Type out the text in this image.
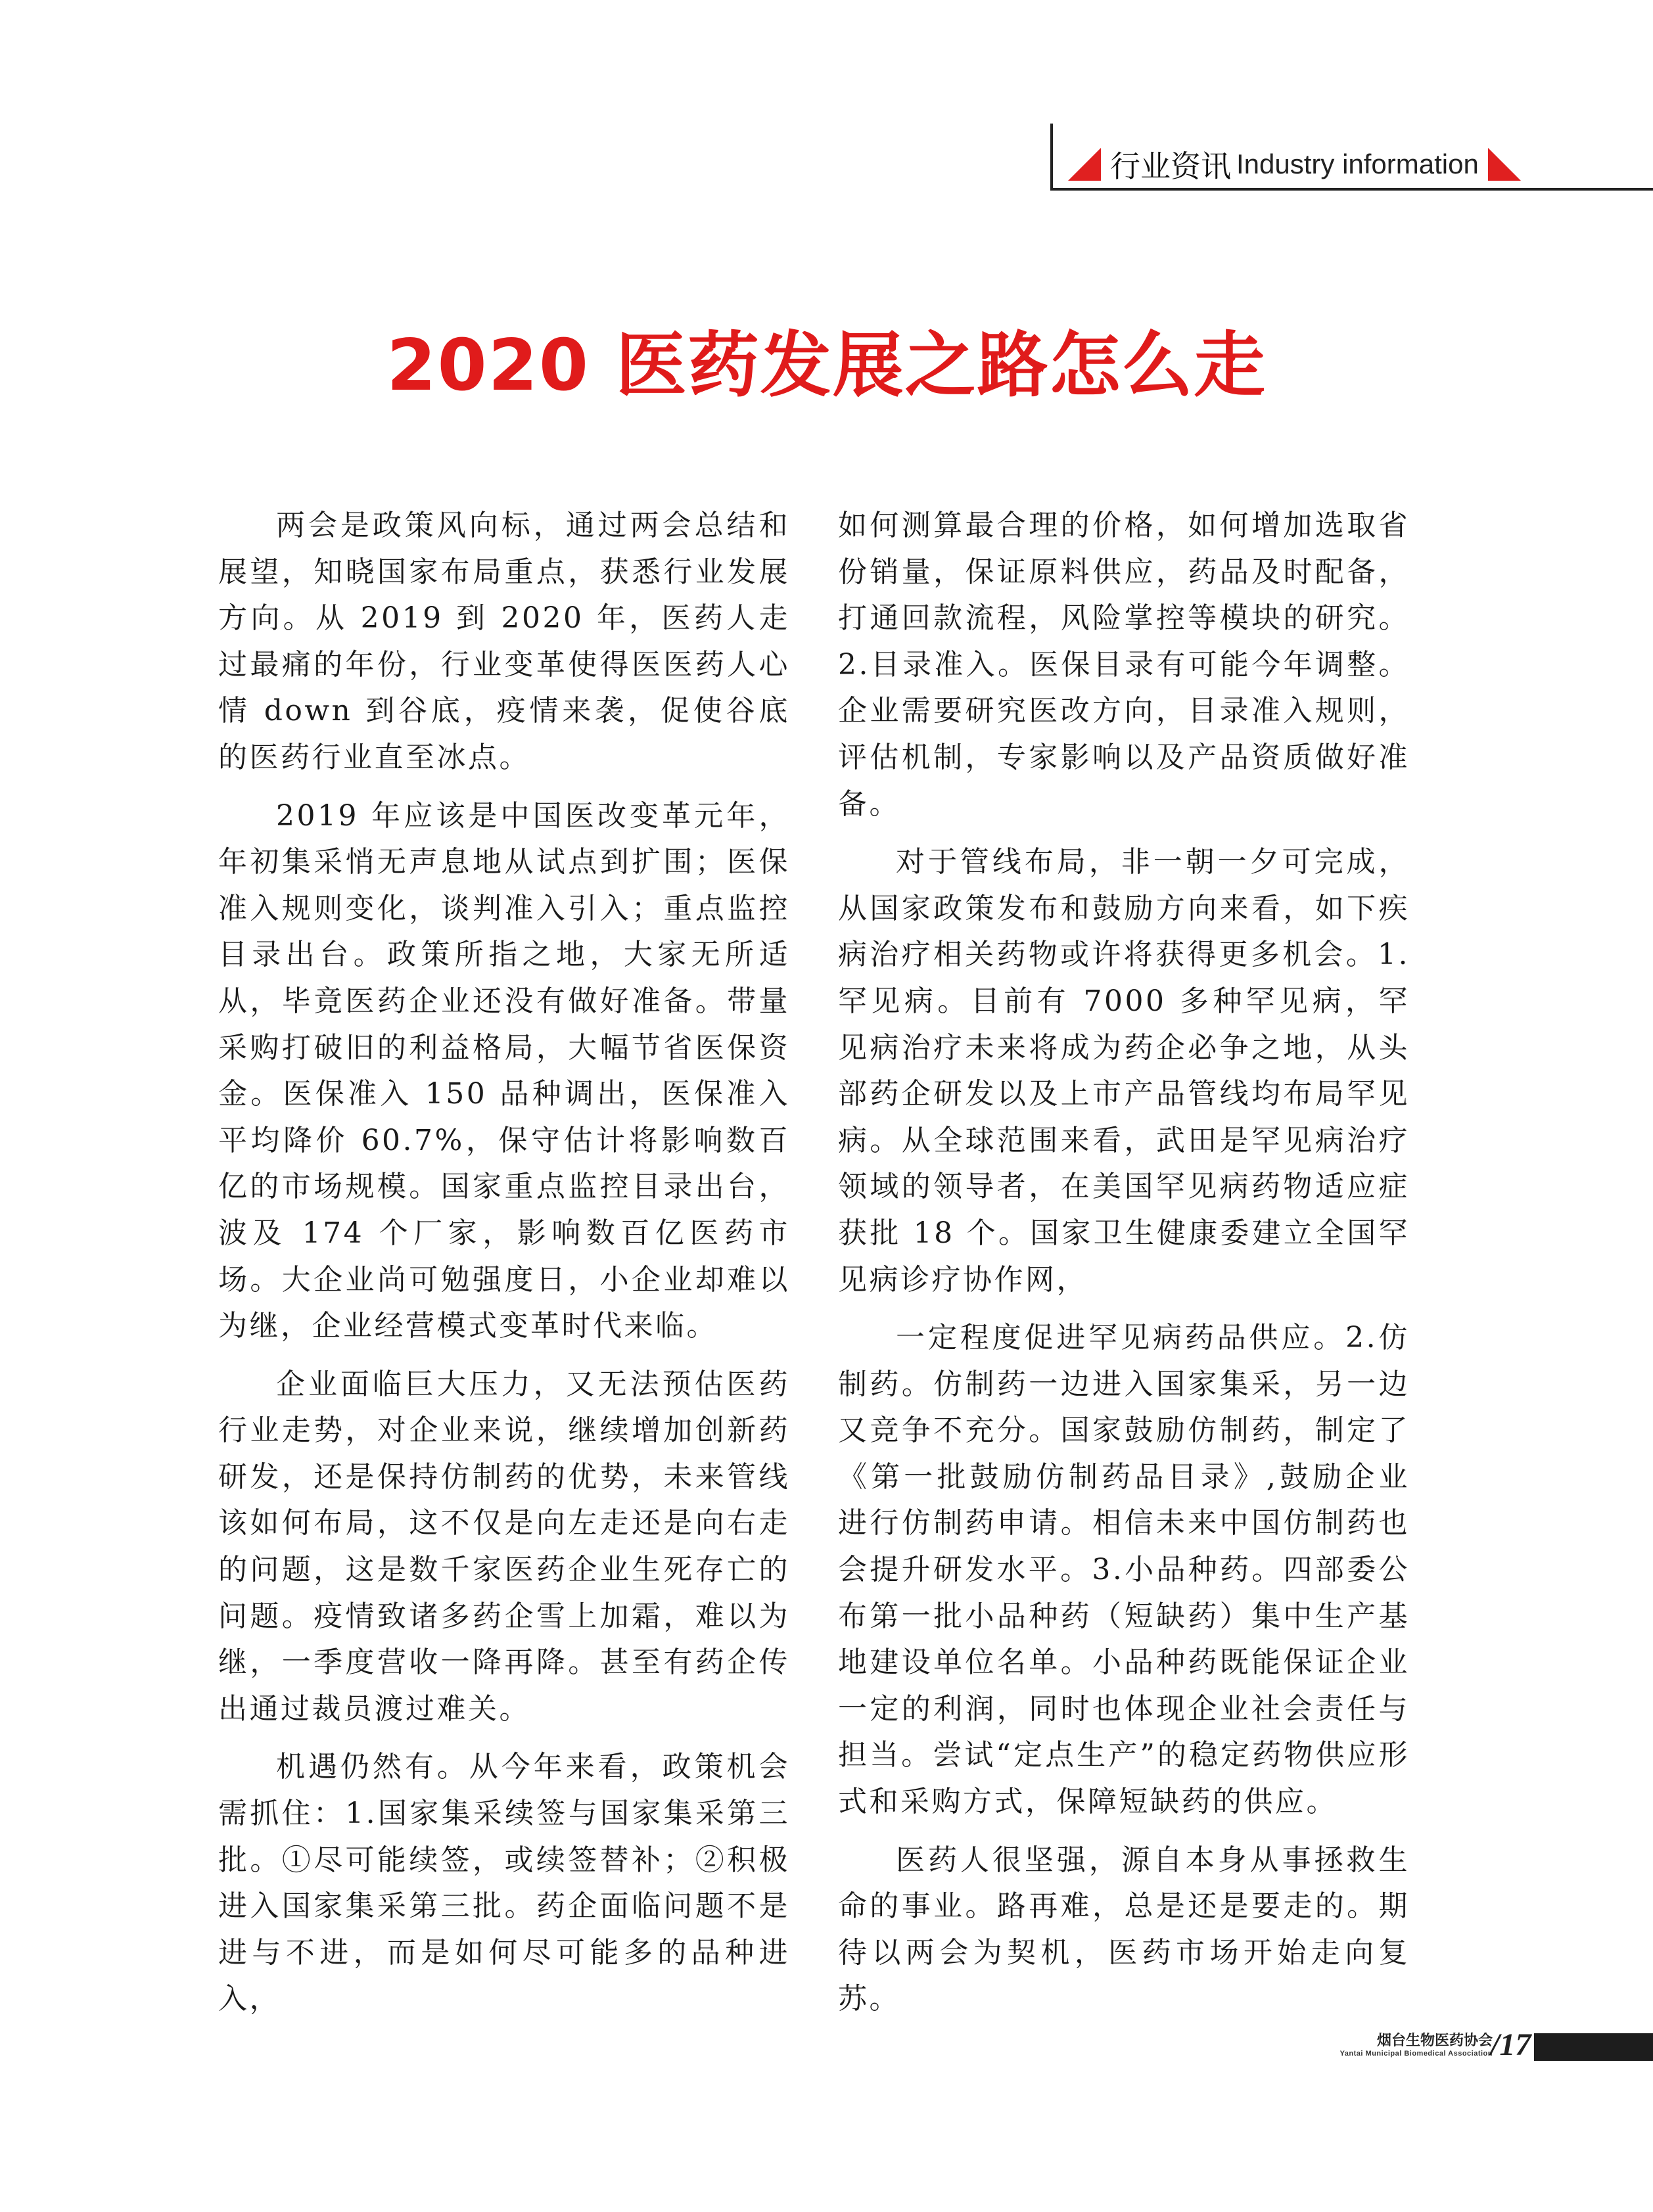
行业资讯 Industry information
2020 医药发展之路怎么走

两会是政策风向标，通过两会总结和展望，知晓国家布局重点，获悉行业发展方向。从 2019 到 2020 年，医药人走过最痛的年份，行业变革使得医医药人心情 down 到谷底，疫情来袭，促使谷底的医药行业直至冰点。

2019 年应该是中国医改变革元年，年初集采悄无声息地从试点到扩围；医保准入规则变化，谈判准入引入；重点监控目录出台。政策所指之地，大家无所适从，毕竟医药企业还没有做好准备。带量采购打破旧的利益格局，大幅节省医保资金。医保准入 150 品种调出，医保准入平均降价 60.7%，保守估计将影响数百亿的市场规模。国家重点监控目录出台，波及 174 个厂家，影响数百亿医药市场。大企业尚可勉强度日，小企业却难以为继，企业经营模式变革时代来临。

企业面临巨大压力，又无法预估医药行业走势，对企业来说，继续增加创新药研发，还是保持仿制药的优势，未来管线该如何布局，这不仅是向左走还是向右走的问题，这是数千家医药企业生死存亡的问题。疫情致诸多药企雪上加霜，难以为继，一季度营收一降再降。甚至有药企传出通过裁员渡过难关。

机遇仍然有。从今年来看，政策机会需抓住：1.国家集采续签与国家集采第三批。①尽可能续签，或续签替补；②积极进入国家集采第三批。药企面临问题不是进与不进，而是如何尽可能多的品种进入，

如何测算最合理的价格，如何增加选取省份销量，保证原料供应，药品及时配备，打通回款流程，风险掌控等模块的研究。2.目录准入。医保目录有可能今年调整。企业需要研究医改方向，目录准入规则，评估机制，专家影响以及产品资质做好准备。

对于管线布局，非一朝一夕可完成，从国家政策发布和鼓励方向来看，如下疾病治疗相关药物或许将获得更多机会。1.罕见病。目前有 7000 多种罕见病，罕见病治疗未来将成为药企必争之地，从头部药企研发以及上市产品管线均布局罕见病。从全球范围来看，武田是罕见病治疗领域的领导者，在美国罕见病药物适应症获批 18 个。国家卫生健康委建立全国罕见病诊疗协作网，

一定程度促进罕见病药品供应。2.仿制药。仿制药一边进入国家集采，另一边又竞争不充分。国家鼓励仿制药，制定了《第一批鼓励仿制药品目录》,鼓励企业进行仿制药申请。相信未来中国仿制药也会提升研发水平。3.小品种药。四部委公布第一批小品种药（短缺药）集中生产基地建设单位名单。小品种药既能保证企业一定的利润，同时也体现企业社会责任与担当。尝试“定点生产”的稳定药物供应形式和采购方式，保障短缺药的供应。

医药人很坚强，源自本身从事拯救生命的事业。路再难，总是还是要走的。期待以两会为契机，医药市场开始走向复苏。

烟台生物医药协会
Yantai Municipal Biomedical Association
/17
